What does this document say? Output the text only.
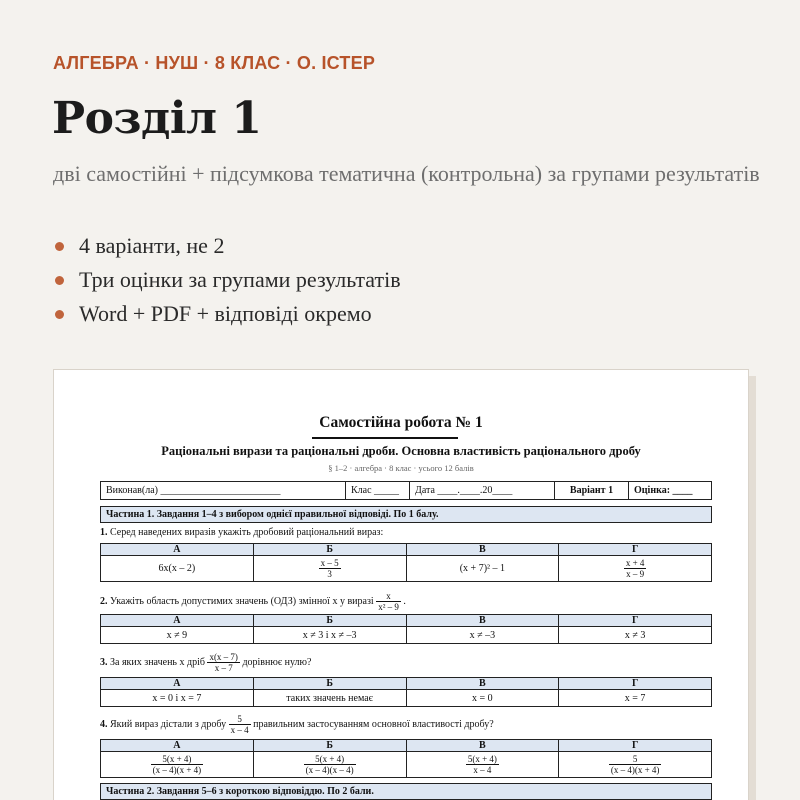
АЛГЕБРА · НУШ · 8 КЛАС · О. ІСТЕР
Розділ 1
дві самостійні + підсумкова тематична (контрольна) за групами результатів
4 варіанти, не 2
Три оцінки за групами результатів
Word + PDF + відповіді окремо
Самостійна робота № 1
Раціональні вирази та раціональні дроби. Основна властивість раціонального дробу
§ 1–2 · алгебра · 8 клас · усього 12 балів
Виконав(ла) ________________________	Клас _____	Дата ____.____.20____	Варіант 1	Оцінка: ____
Частина 1. Завдання 1–4 з вибором однієї правильної відповіді. По 1 балу.
1. Серед наведених виразів укажіть дробовий раціональний вираз:
А	Б	В	Г
6x(x – 2)	$\frac{x - 5}{3}$	(x + 7)² – 1	$\frac{x + 4}{x - 9}$
2. Укажіть область допустимих значень (ОДЗ) змінної x у виразі $\frac{x}{\text{x² – 9}}$ .
А	Б	В	Г
x ≠ 9	x ≠ 3 і x ≠ –3	x ≠ –3	x ≠ 3
3. За яких значень x дріб $\frac{x(x - 7)}{x - 7}$ дорівнює нулю?
А	Б	В	Г
x = 0 і x = 7	таких значень немає	x = 0	x = 7
4. Який вираз дістали з дробу $\frac{5}{x - 4}$ правильним застосуванням основної властивості дробу?
А	Б	В	Г

$\frac{5(x + 4)}{(x - 4)(x + 4)}$	$\frac{5(x + 4)}{(x - 4)(x - 4)}$	$\frac{5(x + 4)}{x - 4}$	$\frac{5}{(x - 4)(x + 4)}$
Частина 2. Завдання 5–6 з короткою відповіддю. По 2 бали.
